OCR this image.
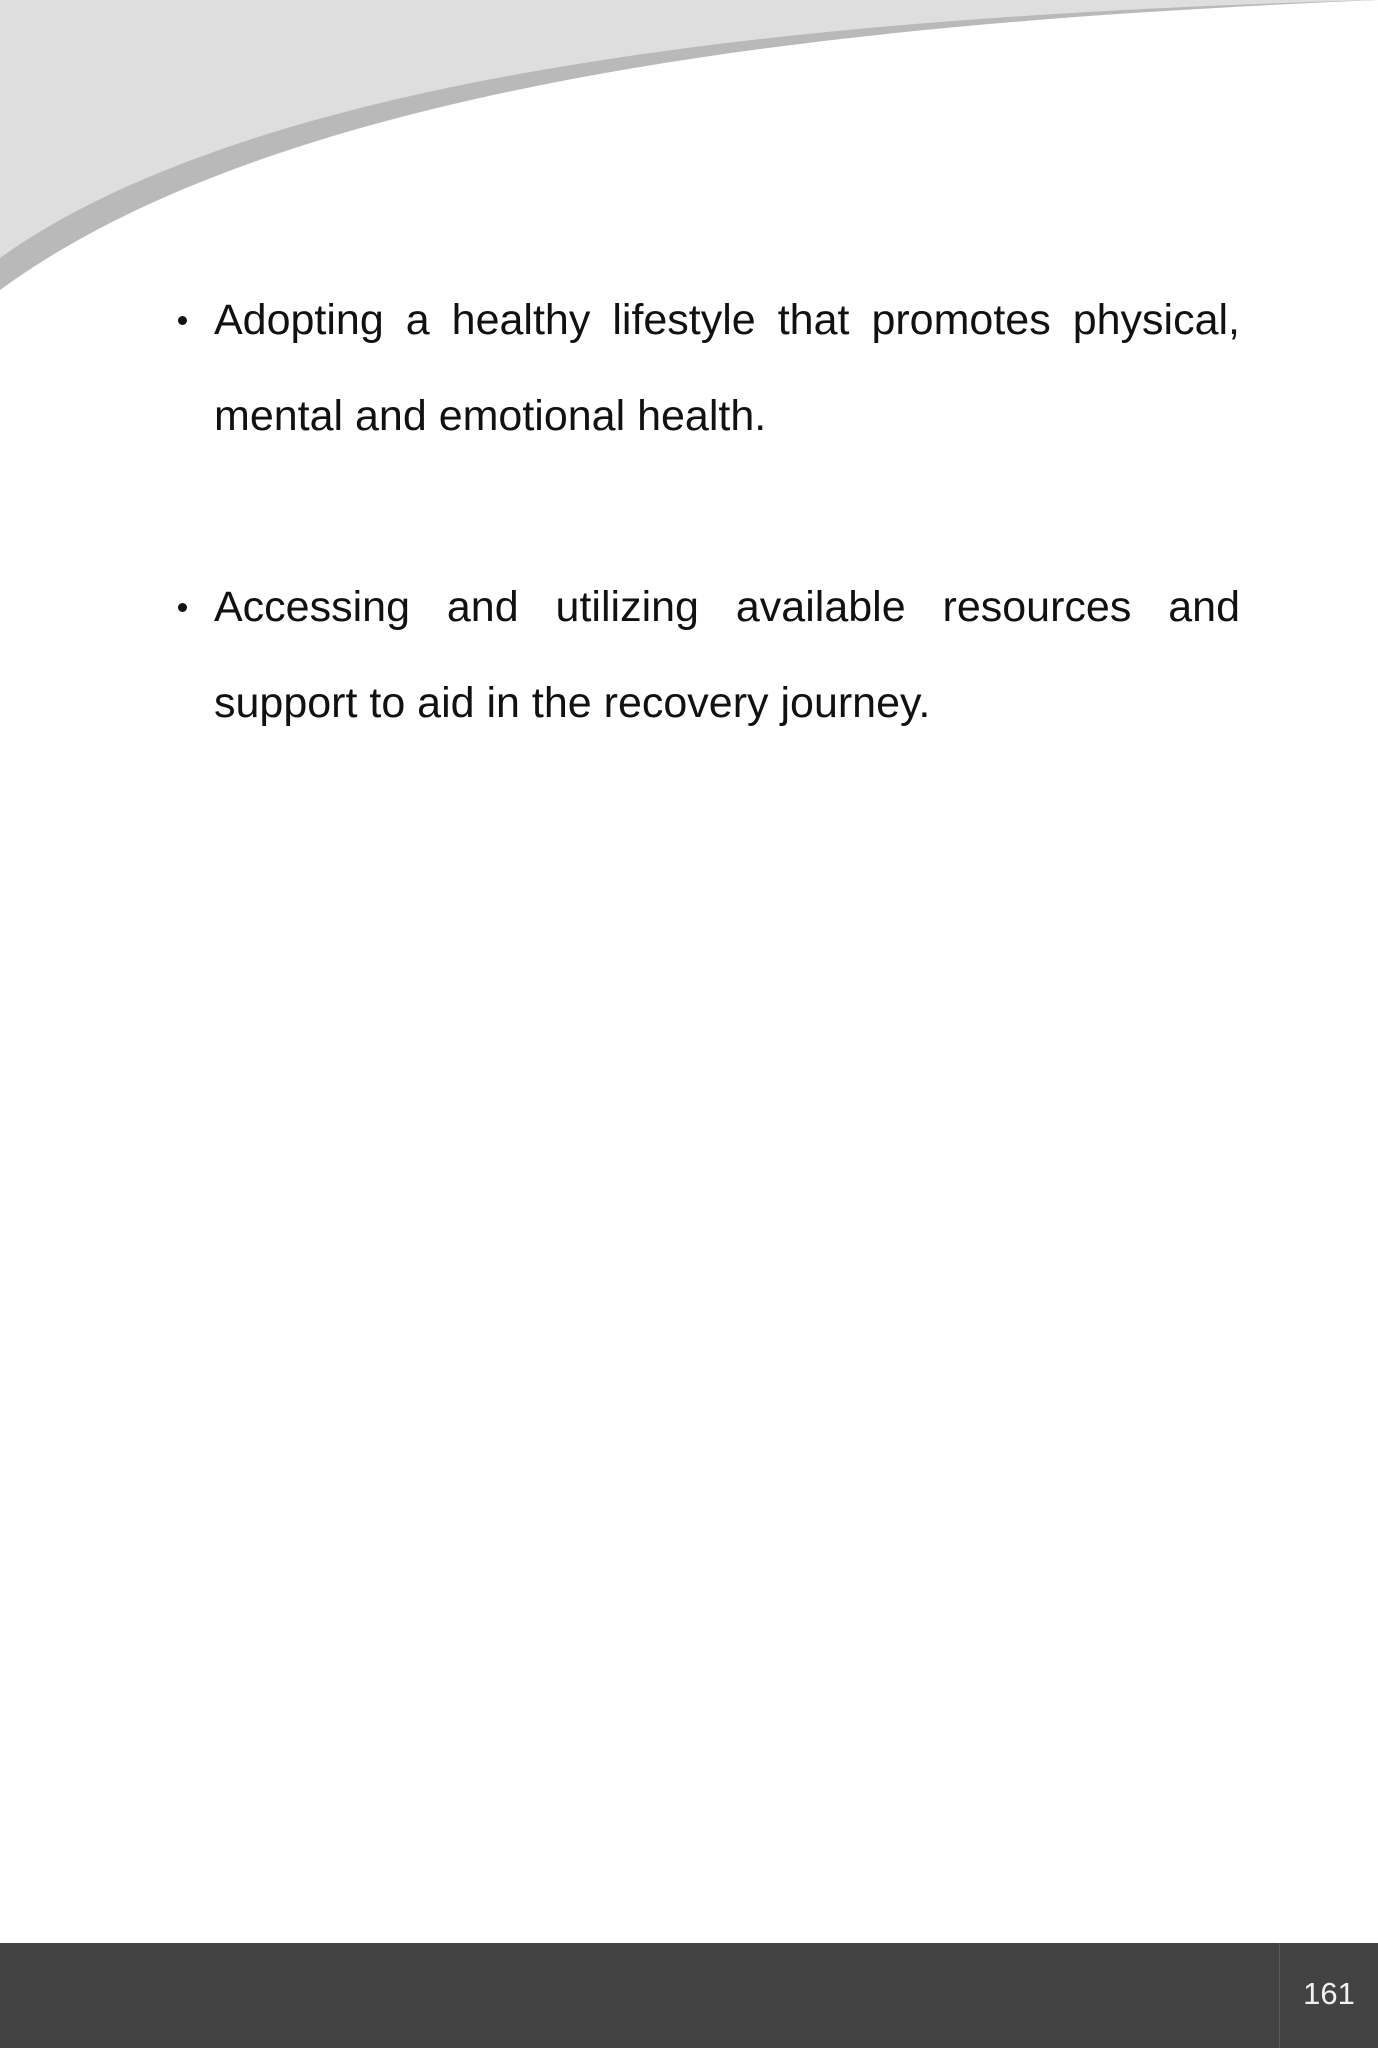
Adopting a healthy lifestyle that promotes physical, mental and emotional health.
Accessing and utilizing available resources and support to aid in the recovery journey.
161
